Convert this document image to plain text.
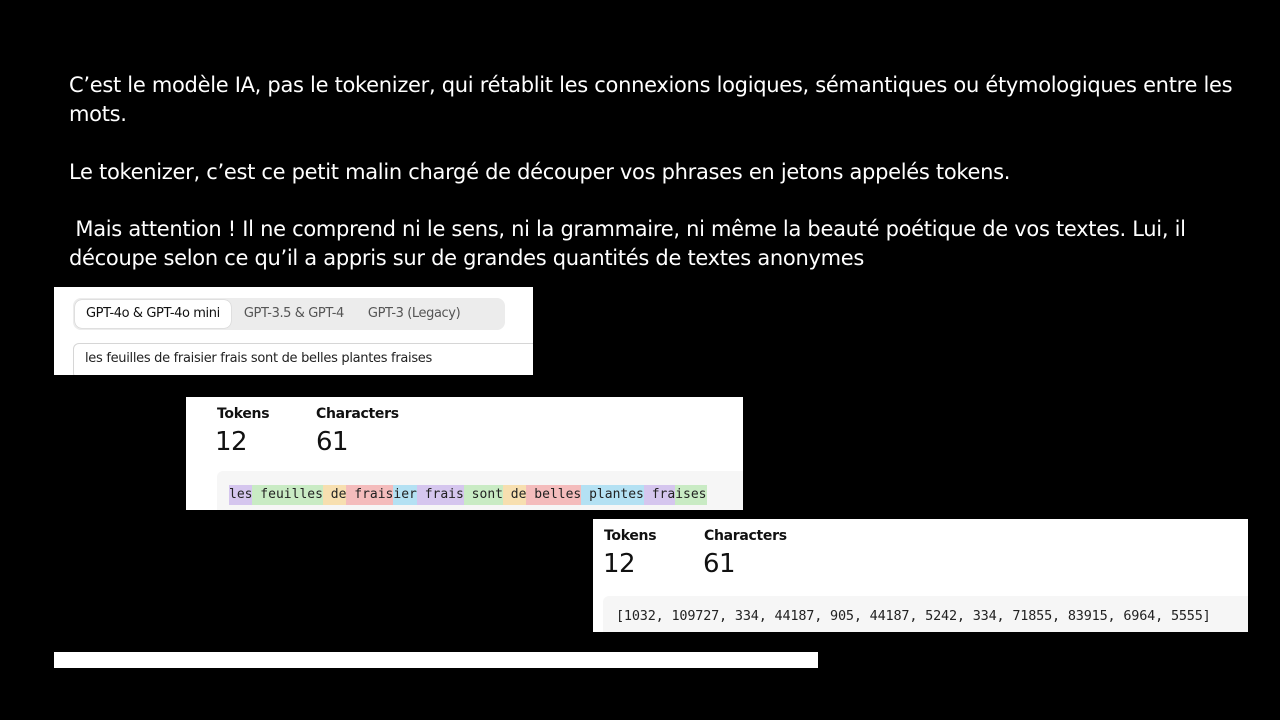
C’est le modèle IA, pas le tokenizer, qui rétablit les connexions logiques, sémantiques ou étymologiques entre les mots.

Le tokenizer, c’est ce petit malin chargé de découper vos phrases en jetons appelés tokens.

Mais attention ! Il ne comprend ni le sens, ni la grammaire, ni même la beauté poétique de vos textes. Lui, il découpe selon ce qu’il a appris sur de grandes quantités de textes anonymes

GPT-4o & GPT-4o mini	GPT-3.5 & GPT-4	GPT-3 (Legacy)
les feuilles de fraisier frais sont de belles plantes fraises
Tokens
12
Characters
61
les feuilles de fraisier frais sont de belles plantes fraises
Tokens
12
Characters
61
[1032, 109727, 334, 44187, 905, 44187, 5242, 334, 71855, 83915, 6964, 5555]
